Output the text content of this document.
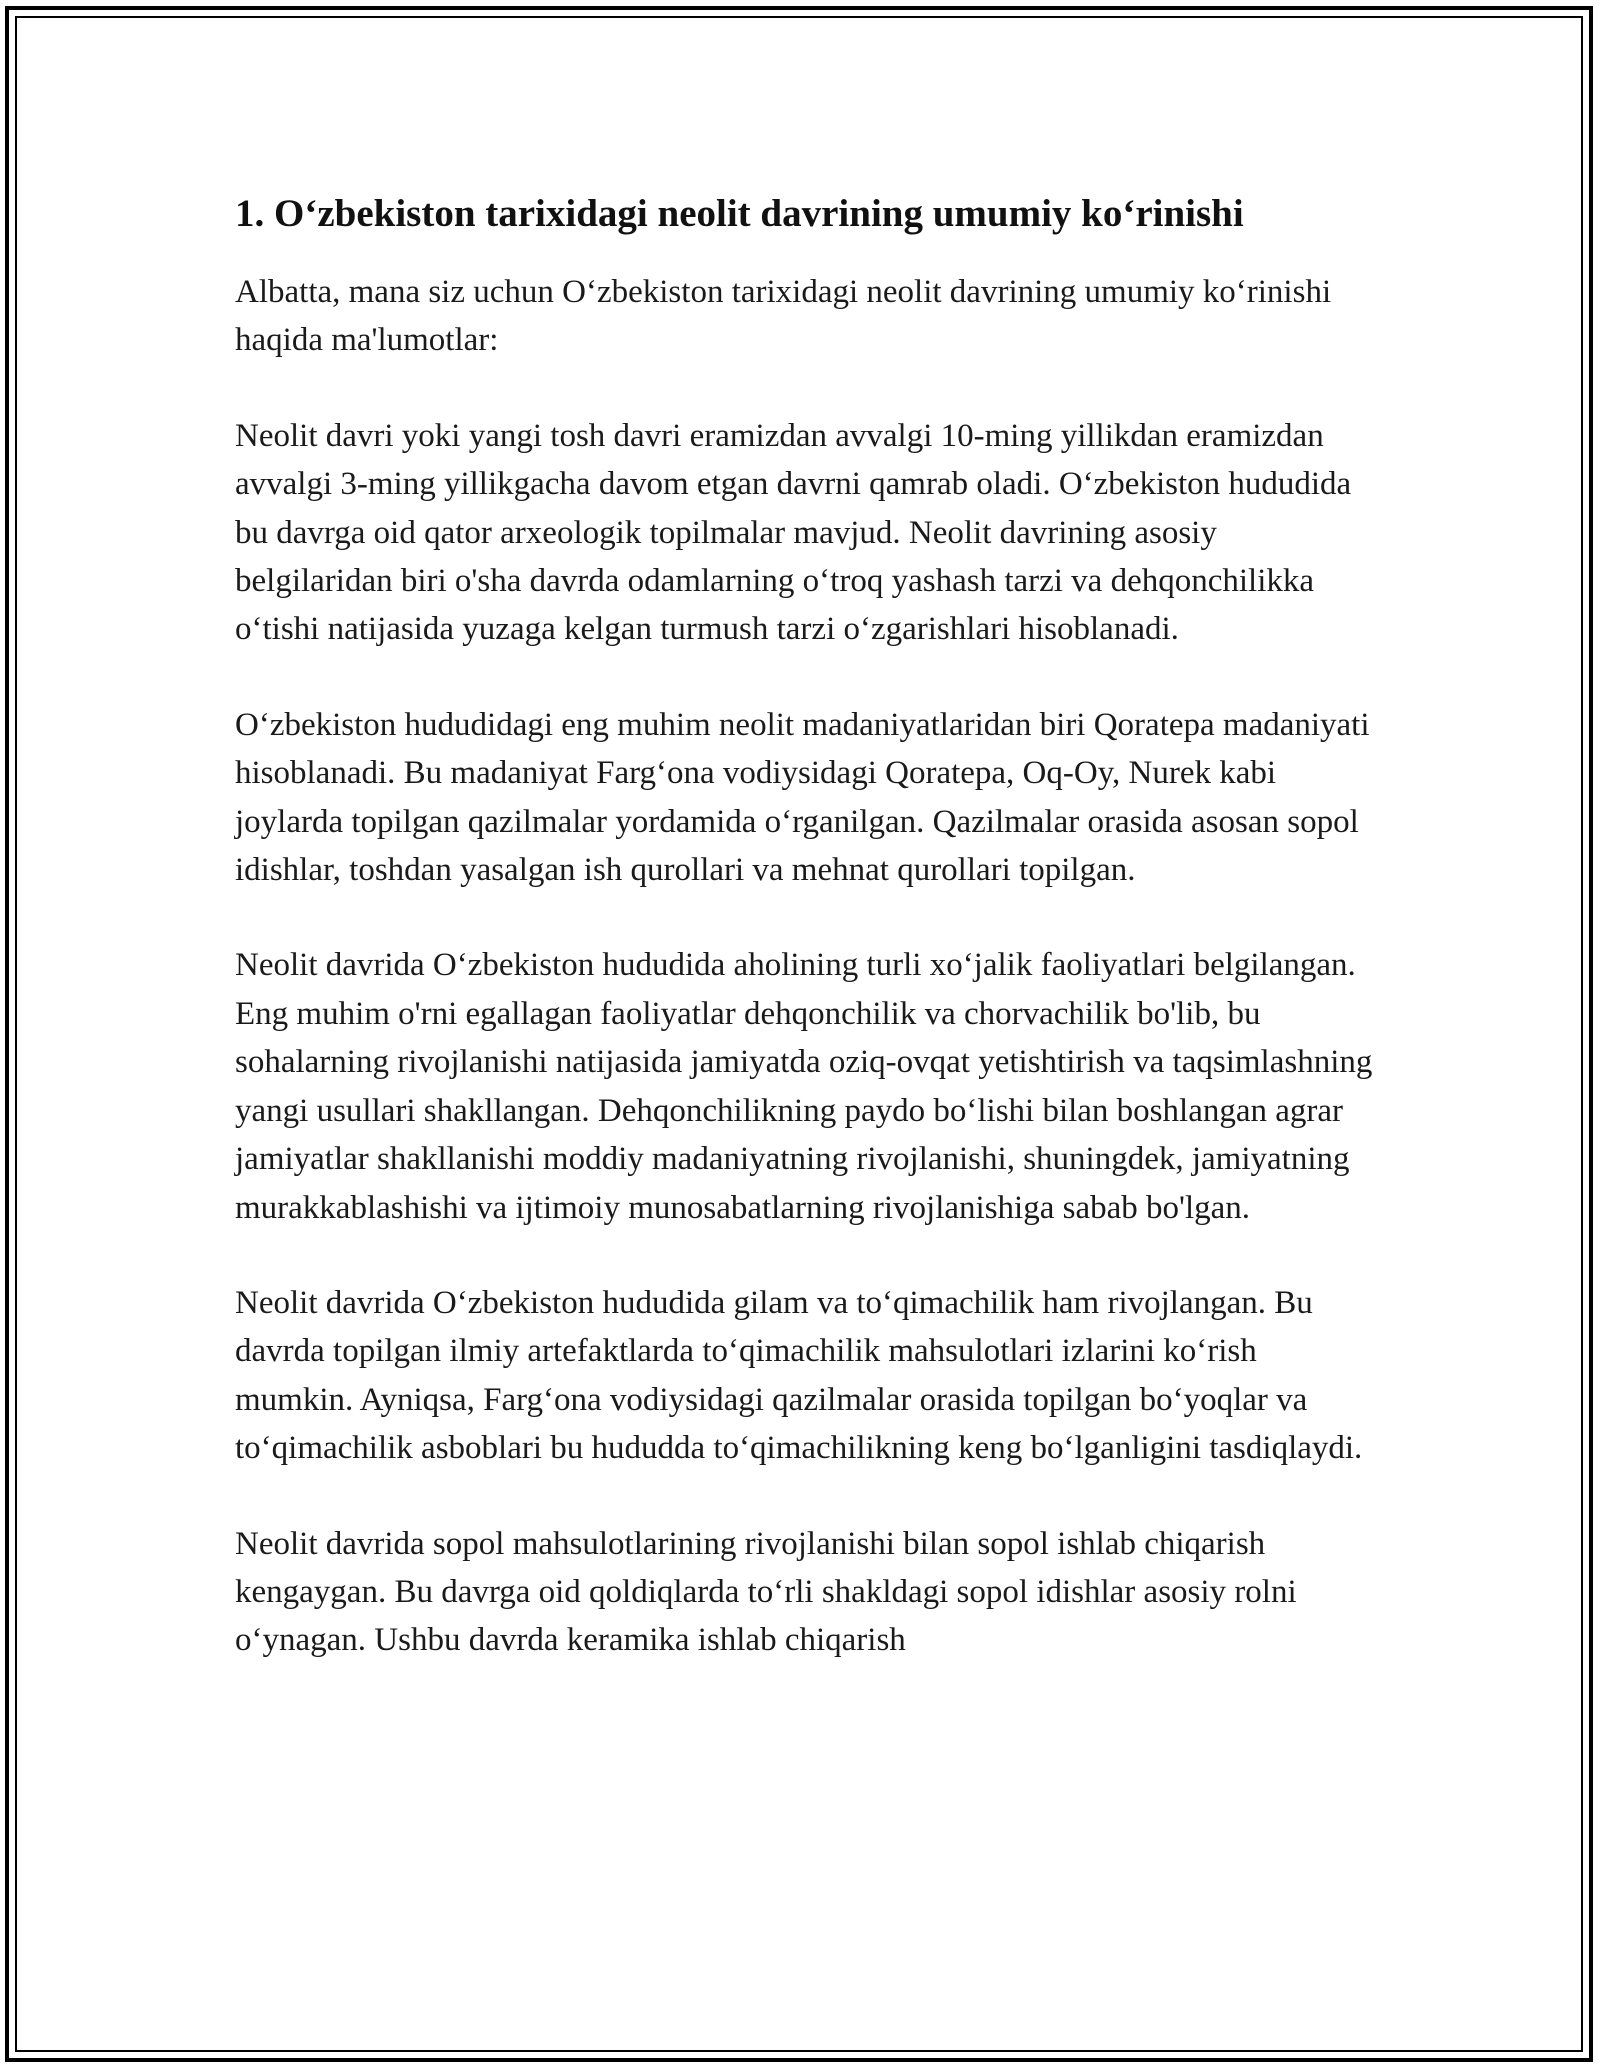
1. O‘zbekiston tarixidagi neolit davrining umumiy ko‘rinishi

Albatta, mana siz uchun O‘zbekiston tarixidagi neolit davrining umumiy ko‘rinishi haqida ma'lumotlar:

Neolit davri yoki yangi tosh davri eramizdan avvalgi 10-ming yillikdan eramizdan avvalgi 3-ming yillikgacha davom etgan davrni qamrab oladi. O‘zbekiston hududida bu davrga oid qator arxeologik topilmalar mavjud. Neolit davrining asosiy belgilaridan biri o'sha davrda odamlarning o‘troq yashash tarzi va dehqonchilikka o‘tishi natijasida yuzaga kelgan turmush tarzi o‘zgarishlari hisoblanadi.

O‘zbekiston hududidagi eng muhim neolit madaniyatlaridan biri Qoratepa madaniyati hisoblanadi. Bu madaniyat Farg‘ona vodiysidagi Qoratepa, Oq-Oy, Nurek kabi joylarda topilgan qazilmalar yordamida o‘rganilgan. Qazilmalar orasida asosan sopol idishlar, toshdan yasalgan ish qurollari va mehnat qurollari topilgan.

Neolit davrida O‘zbekiston hududida aholining turli xo‘jalik faoliyatlari belgilangan. Eng muhim o'rni egallagan faoliyatlar dehqonchilik va chorvachilik bo'lib, bu sohalarning rivojlanishi natijasida jamiyatda oziq-ovqat yetishtirish va taqsimlashning yangi usullari shakllangan. Dehqonchilikning paydo bo‘lishi bilan boshlangan agrar jamiyatlar shakllanishi moddiy madaniyatning rivojlanishi, shuningdek, jamiyatning murakkablashishi va ijtimoiy munosabatlarning rivojlanishiga sabab bo'lgan.

Neolit davrida O‘zbekiston hududida gilam va to‘qimachilik ham rivojlangan. Bu davrda topilgan ilmiy artefaktlarda to‘qimachilik mahsulotlari izlarini ko‘rish mumkin. Ayniqsa, Farg‘ona vodiysidagi qazilmalar orasida topilgan bo‘yoqlar va to‘qimachilik asboblari bu hududda to‘qimachilikning keng bo‘lganligini tasdiqlaydi.

Neolit davrida sopol mahsulotlarining rivojlanishi bilan sopol ishlab chiqarish kengaygan. Bu davrga oid qoldiqlarda to‘rli shakldagi sopol idishlar asosiy rolni o‘ynagan. Ushbu davrda keramika ishlab chiqarish
